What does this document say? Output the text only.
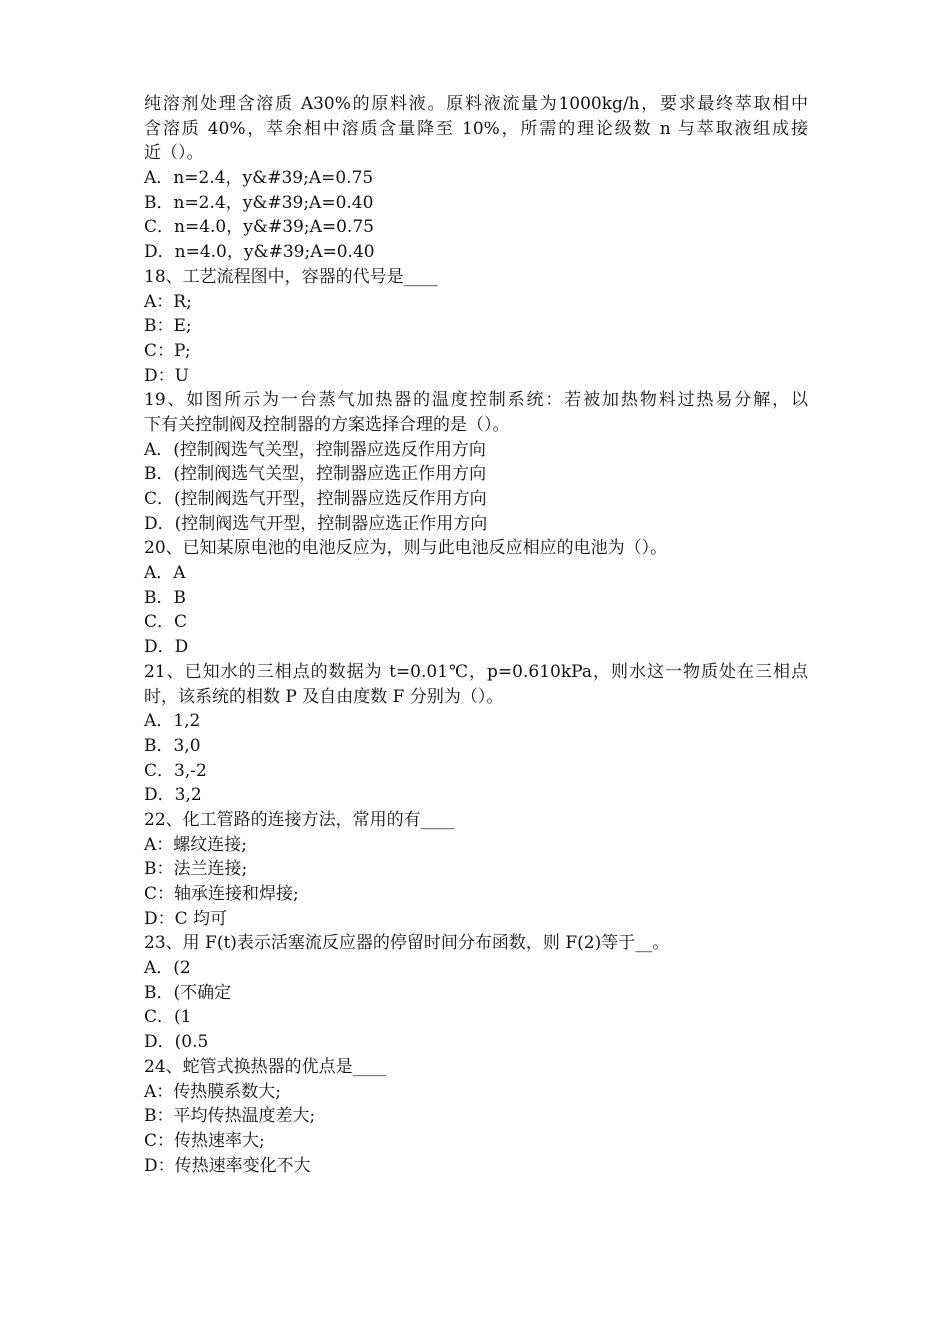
纯溶剂处理含溶质 A30%的原料液。原料液流量为1000kg/h，要求最终萃取相中
含溶质 40%，萃余相中溶质含量降至 10%，所需的理论级数 n 与萃取液组成接
近（）。
A．n=2.4，y&#39;A=0.75
B．n=2.4，y&#39;A=0.40
C．n=4.0，y&#39;A=0.75
D．n=4.0，y&#39;A=0.40
18、工艺流程图中，容器的代号是____
A：R;
B：E;
C：P;
D：U
19、如图所示为一台蒸气加热器的温度控制系统：若被加热物料过热易分解，以
下有关控制阀及控制器的方案选择合理的是（）。
A．(控制阀选气关型，控制器应选反作用方向
B．(控制阀选气关型，控制器应选正作用方向
C．(控制阀选气开型，控制器应选反作用方向
D．(控制阀选气开型，控制器应选正作用方向
20、已知某原电池的电池反应为，则与此电池反应相应的电池为（）。
A．A
B．B
C．C
D．D
21、已知水的三相点的数据为 t=0.01℃，p=0.610kPa，则水这一物质处在三相点
时，该系统的相数 P 及自由度数 F 分别为（）。
A．1,2
B．3,0
C．3,-2
D．3,2
22、化工管路的连接方法，常用的有____
A：螺纹连接;
B：法兰连接;
C：轴承连接和焊接;
D：C 均可
23、用 F(t)表示活塞流反应器的停留时间分布函数，则 F(2)等于__。
A．(2
B．(不确定
C．(1
D．(0.5
24、蛇管式换热器的优点是____
A：传热膜系数大;
B：平均传热温度差大;
C：传热速率大;
D：传热速率变化不大
